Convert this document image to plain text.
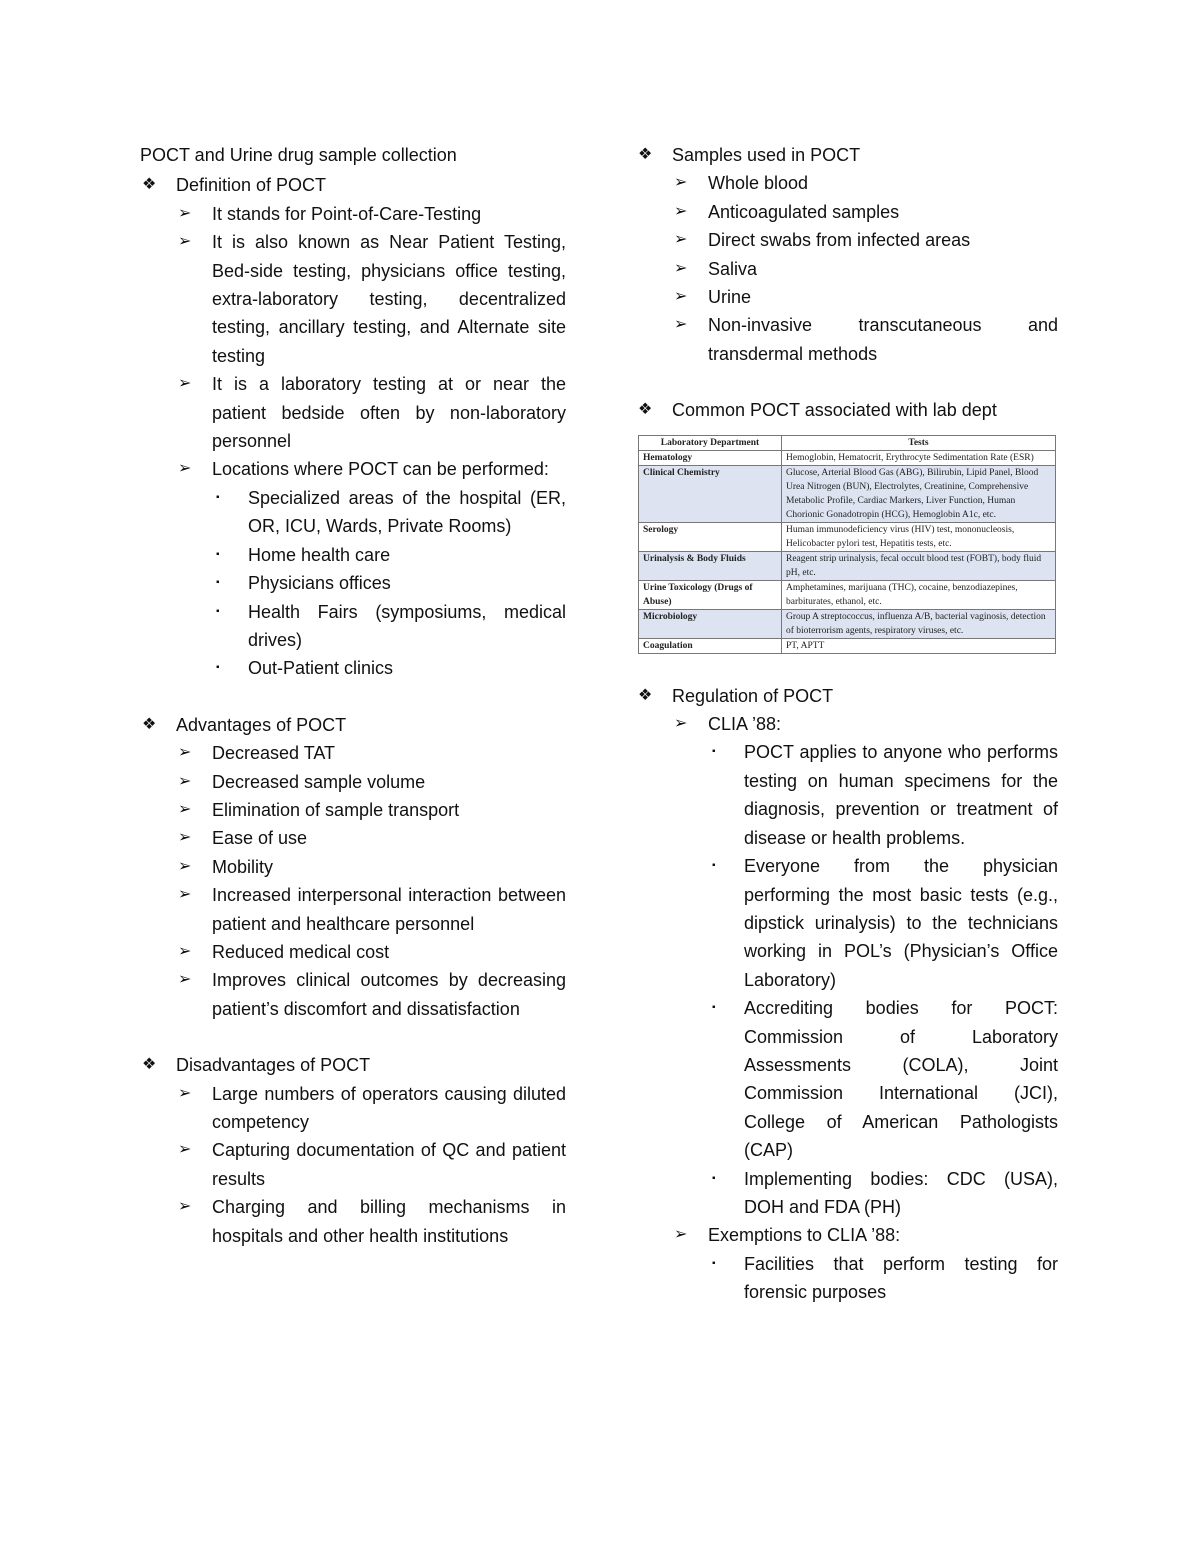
POCT and Urine drug sample collection
❖ Definition of POCT
➢ It stands for Point-of-Care-Testing
➢ It is also known as Near Patient Testing, Bed-side testing, physicians office testing, extra-laboratory testing, decentralized testing, ancillary testing, and Alternate site testing
➢ It is a laboratory testing at or near the patient bedside often by non-laboratory personnel
➢ Locations where POCT can be performed:
▪ Specialized areas of the hospital (ER, OR, ICU, Wards, Private Rooms)
▪ Home health care
▪ Physicians offices
▪ Health Fairs (symposiums, medical drives)
▪ Out-Patient clinics
❖ Advantages of POCT
➢ Decreased TAT
➢ Decreased sample volume
➢ Elimination of sample transport
➢ Ease of use
➢ Mobility
➢ Increased interpersonal interaction between patient and healthcare personnel
➢ Reduced medical cost
➢ Improves clinical outcomes by decreasing patient’s discomfort and dissatisfaction
❖ Disadvantages of POCT
➢ Large numbers of operators causing diluted competency
➢ Capturing documentation of QC and patient results
➢ Charging and billing mechanisms in hospitals and other health institutions
❖ Samples used in POCT
➢ Whole blood
➢ Anticoagulated samples
➢ Direct swabs from infected areas
➢ Saliva
➢ Urine
➢ Non-invasive transcutaneous and transdermal methods
❖ Common POCT associated with lab dept
Laboratory Department	Tests
Hematology	Hemoglobin, Hematocrit, Erythrocyte Sedimentation Rate (ESR)
Clinical Chemistry	Glucose, Arterial Blood Gas (ABG), Bilirubin, Lipid Panel, Blood Urea Nitrogen (BUN), Electrolytes, Creatinine, Comprehensive Metabolic Profile, Cardiac Markers, Liver Function, Human Chorionic Gonadotropin (HCG), Hemoglobin A1c, etc.
Serology	Human immunodeficiency virus (HIV) test, mononucleosis, Helicobacter pylori test, Hepatitis tests, etc.
Urinalysis & Body Fluids	Reagent strip urinalysis, fecal occult blood test (FOBT), body fluid pH, etc.
Urine Toxicology (Drugs of Abuse)	Amphetamines, marijuana (THC), cocaine, benzodiazepines, barbiturates, ethanol, etc.
Microbiology	Group A streptococcus, influenza A/B, bacterial vaginosis, detection of bioterrorism agents, respiratory viruses, etc.
Coagulation	PT, APTT
❖ Regulation of POCT
➢ CLIA ’88:
▪ POCT applies to anyone who performs testing on human specimens for the diagnosis, prevention or treatment of disease or health problems.
▪ Everyone from the physician performing the most basic tests (e.g., dipstick urinalysis) to the technicians working in POL’s (Physician’s Office Laboratory)
▪ Accrediting bodies for POCT: Commission of Laboratory Assessments (COLA), Joint Commission International (JCI), College of American Pathologists (CAP)
▪ Implementing bodies: CDC (USA), DOH and FDA (PH)
➢ Exemptions to CLIA ’88:
▪ Facilities that perform testing for forensic purposes
